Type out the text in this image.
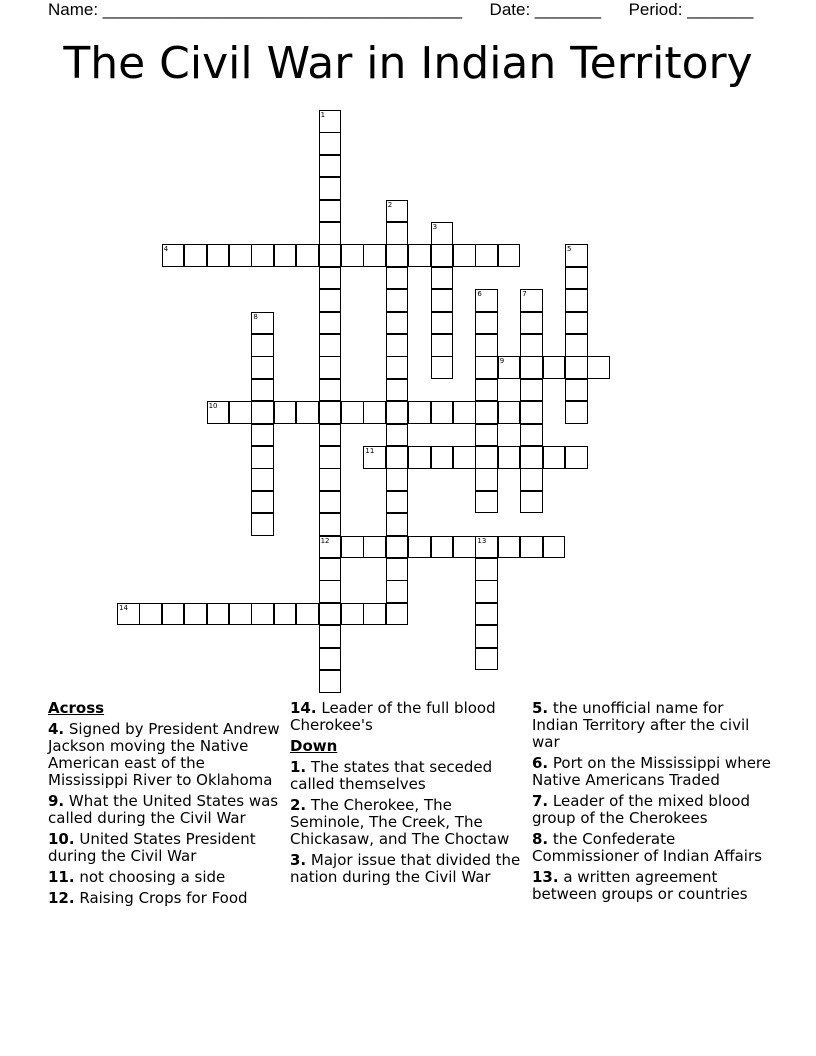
Name: ______________________________________ Date: _______ Period: _______
The Civil War in Indian Territory
1
2
3
4	5
6	7
8
9
10
11
12	13
14
Across
4. Signed by President Andrew Jackson moving the Native American east of the Mississippi River to Oklahoma
9. What the United States was called during the Civil War
10. United States President during the Civil War
11. not choosing a side
12. Raising Crops for Food
14. Leader of the full blood Cherokee's
Down
1. The states that seceded called themselves
2. The Cherokee, The Seminole, The Creek, The Chickasaw, and The Choctaw
3. Major issue that divided the nation during the Civil War
5. the unofficial name for Indian Territory after the civil war
6. Port on the Mississippi where Native Americans Traded
7. Leader of the mixed blood group of the Cherokees
8. the Confederate Commissioner of Indian Affairs
13. a written agreement between groups or countries
